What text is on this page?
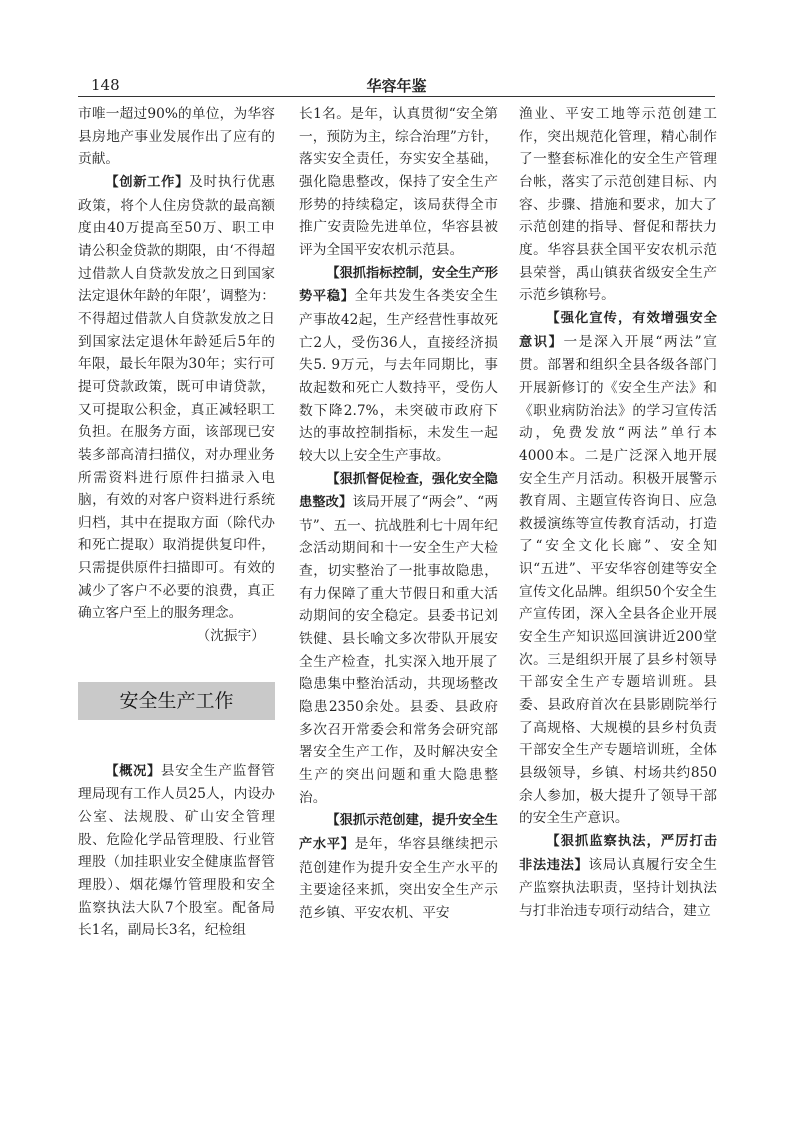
148	华容年鉴

市唯一超过90%的单位，为华容县房地产事业发展作出了应有的贡献。

【创新工作】及时执行优惠政策，将个人住房贷款的最高额度由40万提高至50万、职工申请公积金贷款的期限，由‘不得超过借款人自贷款发放之日到国家法定退休年龄的年限’，调整为：不得超过借款人自贷款发放之日到国家法定退休年龄延后5年的年限，最长年限为30年；实行可提可贷款政策，既可申请贷款，又可提取公积金，真正减轻职工负担。在服务方面，该部现已安装多部高清扫描仪，对办理业务所需资料进行原件扫描录入电脑，有效的对客户资料进行系统归档，其中在提取方面（除代办和死亡提取）取消提供复印件，只需提供原件扫描即可。有效的减少了客户不必要的浪费，真正确立客户至上的服务理念。

（沈振宇）

安全生产工作

【概况】县安全生产监督管理局现有工作人员25人，内设办公室、法规股、矿山安全管理股、危险化学品管理股、行业管理股（加挂职业安全健康监督管理股）、烟花爆竹管理股和安全监察执法大队7个股室。配备局长1名，副局长3名，纪检组

长1名。是年，认真贯彻“安全第一，预防为主，综合治理”方针，落实安全责任，夯实安全基础，强化隐患整改，保持了安全生产形势的持续稳定，该局获得全市推广安责险先进单位，华容县被评为全国平安农机示范县。

【狠抓指标控制，安全生产形势平稳】全年共发生各类安全生产事故42起，生产经营性事故死亡2人，受伤36人，直接经济损失5. 9万元，与去年同期比，事故起数和死亡人数持平，受伤人数下降2.7%，未突破市政府下达的事故控制指标，未发生一起较大以上安全生产事故。

【狠抓督促检查，强化安全隐患整改】该局开展了“两会”、“两节”、五一、抗战胜利七十周年纪念活动期间和十一安全生产大检查，切实整治了一批事故隐患，有力保障了重大节假日和重大活动期间的安全稳定。县委书记刘铁健、县长喻文多次带队开展安全生产检查，扎实深入地开展了隐患集中整治活动，共现场整改隐患2350余处。县委、县政府多次召开常委会和常务会研究部署安全生产工作，及时解决安全生产的突出问题和重大隐患整治。

【狠抓示范创建，提升安全生产水平】是年，华容县继续把示范创建作为提升安全生产水平的主要途径来抓，突出安全生产示范乡镇、平安农机、平安

渔业、平安工地等示范创建工作，突出规范化管理，精心制作了一整套标准化的安全生产管理台帐，落实了示范创建目标、内容、步骤、措施和要求，加大了示范创建的指导、督促和帮扶力度。华容县获全国平安农机示范县荣誉，禹山镇获省级安全生产示范乡镇称号。

【强化宣传，有效增强安全意识】一是深入开展“两法”宣贯。部署和组织全县各级各部门开展新修订的《安全生产法》和《职业病防治法》的学习宣传活动，免费发放“两法”单行本4000本。二是广泛深入地开展安全生产月活动。积极开展警示教育周、主题宣传咨询日、应急救援演练等宣传教育活动，打造了“安全文化长廊”、安全知识“五进”、平安华容创建等安全宣传文化品牌。组织50个安全生产宣传团，深入全县各企业开展安全生产知识巡回演讲近200堂次。三是组织开展了县乡村领导干部安全生产专题培训班。县委、县政府首次在县影剧院举行了高规格、大规模的县乡村负责干部安全生产专题培训班，全体县级领导，乡镇、村场共约850余人参加，极大提升了领导干部的安全生产意识。

【狠抓监察执法，严厉打击非法违法】该局认真履行安全生产监察执法职责，坚持计划执法与打非治违专项行动结合，建立
